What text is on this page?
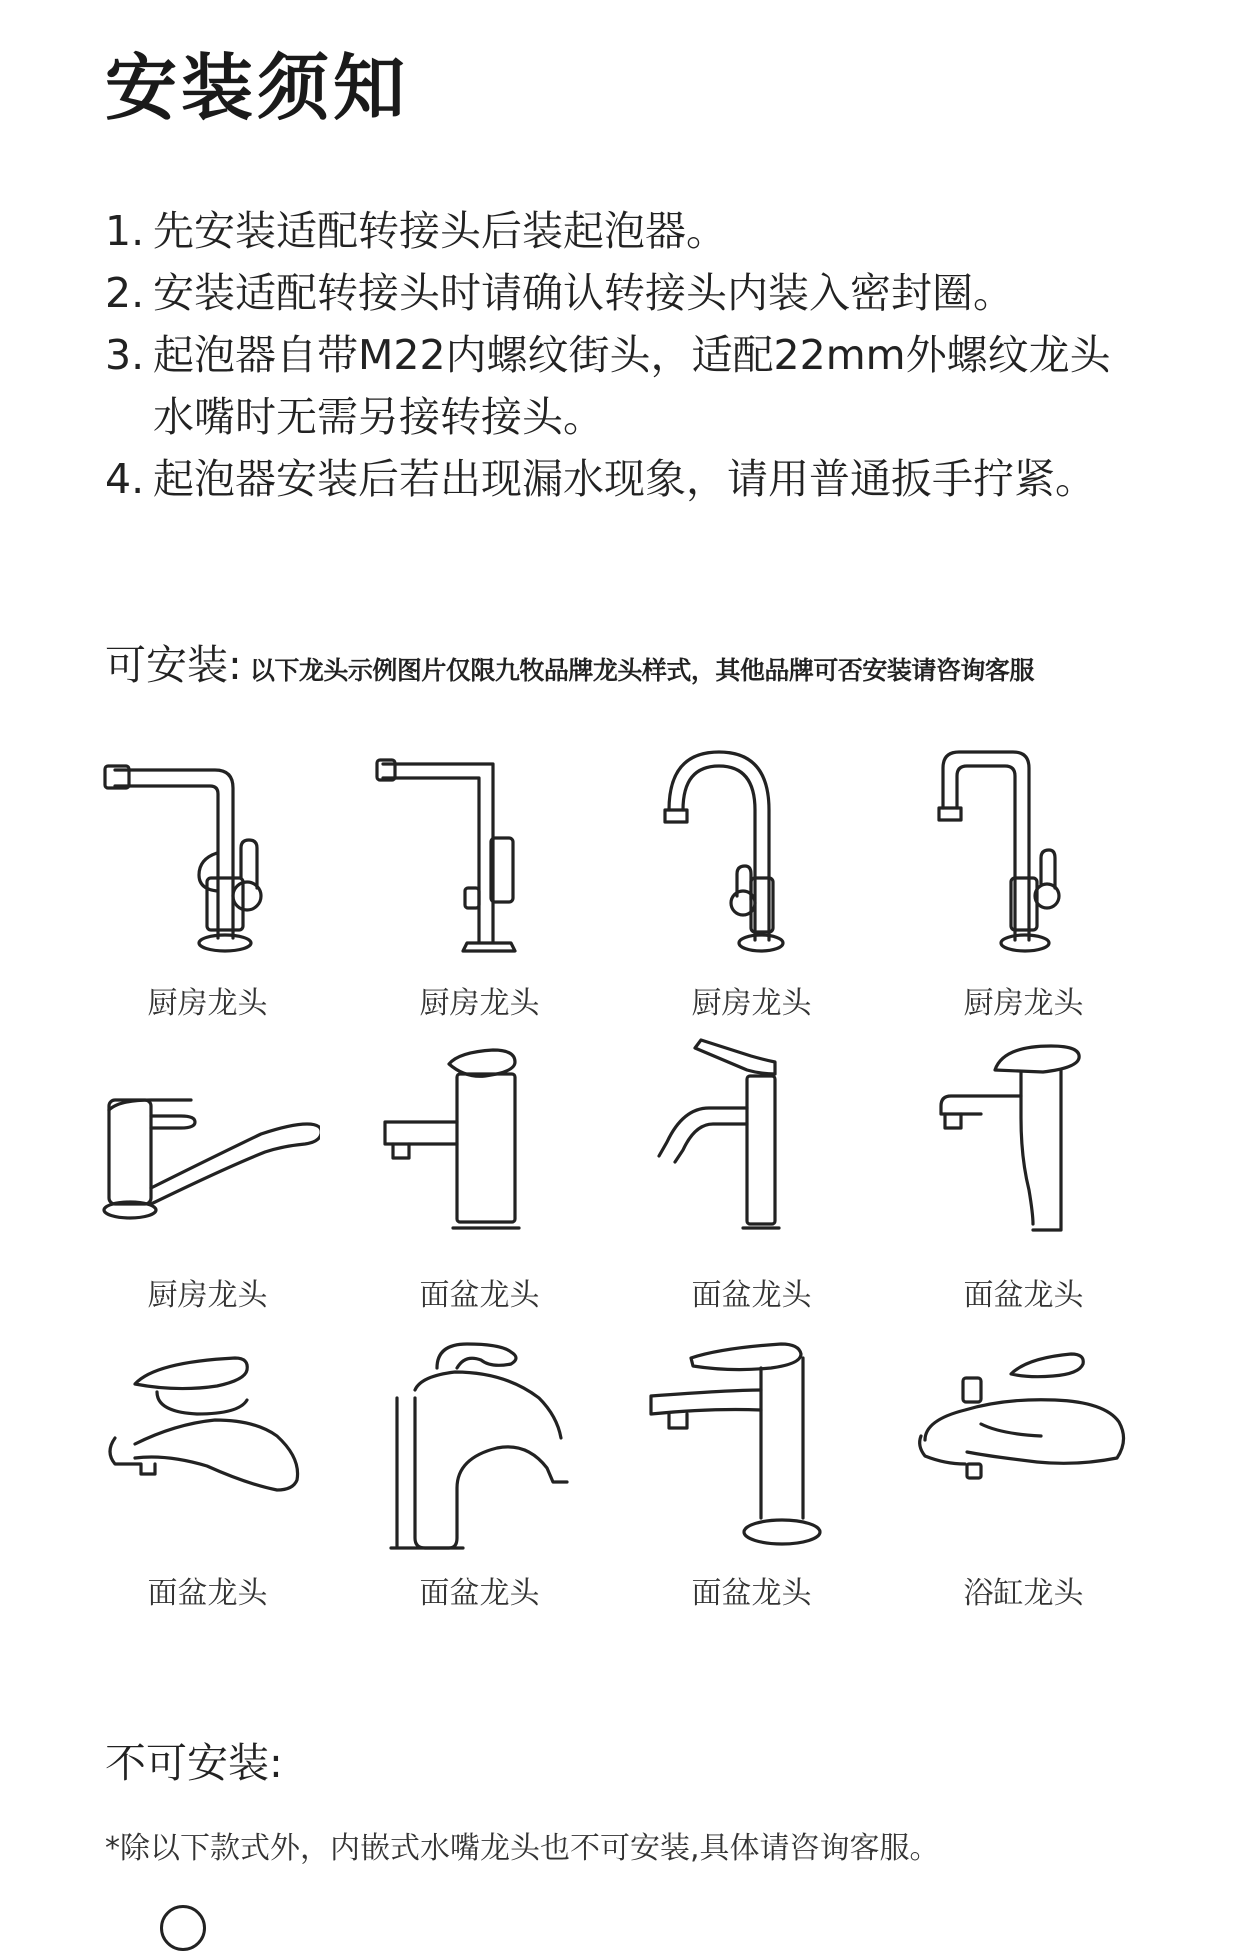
安装须知
1. 先安装适配转接头后装起泡器。
2. 安装适配转接头时请确认转接头内装入密封圈。
3. 起泡器自带M22内螺纹街头，适配22mm外螺纹龙头水嘴时无需另接转接头。
4. 起泡器安装后若出现漏水现象，请用普通扳手拧紧。
可安装: 以下龙头示例图片仅限九牧品牌龙头样式，其他品牌可否安装请咨询客服
厨房龙头	厨房龙头	厨房龙头	厨房龙头
厨房龙头	面盆龙头	面盆龙头	面盆龙头
面盆龙头	面盆龙头	面盆龙头	浴缸龙头
不可安装:
*除以下款式外，内嵌式水嘴龙头也不可安装,具体请咨询客服。
